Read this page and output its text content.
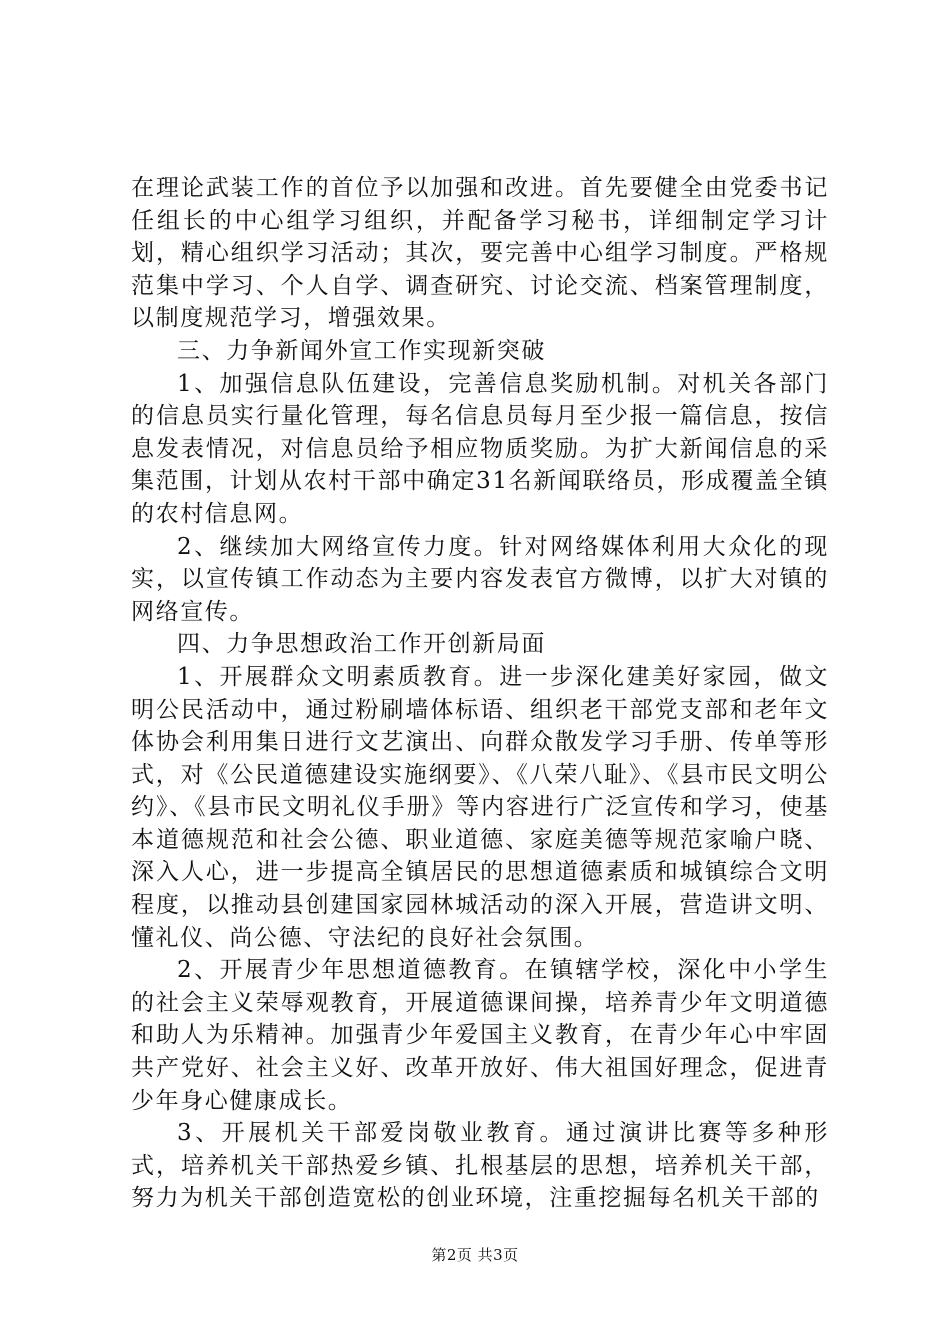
在理论武装工作的首位予以加强和改进。首先要健全由党委书记任组长的中心组学习组织，并配备学习秘书，详细制定学习计划，精心组织学习活动；其次，要完善中心组学习制度。严格规范集中学习、个人自学、调查研究、讨论交流、档案管理制度，以制度规范学习，增强效果。

三、力争新闻外宣工作实现新突破

1、加强信息队伍建设，完善信息奖励机制。对机关各部门的信息员实行量化管理，每名信息员每月至少报一篇信息，按信息发表情况，对信息员给予相应物质奖励。为扩大新闻信息的采集范围，计划从农村干部中确定31名新闻联络员，形成覆盖全镇的农村信息网。

2、继续加大网络宣传力度。针对网络媒体利用大众化的现实，以宣传镇工作动态为主要内容发表官方微博，以扩大对镇的网络宣传。

四、力争思想政治工作开创新局面

1、开展群众文明素质教育。进一步深化建美好家园，做文明公民活动中，通过粉刷墙体标语、组织老干部党支部和老年文体协会利用集日进行文艺演出、向群众散发学习手册、传单等形式，对《公民道德建设实施纲要》、《八荣八耻》、《县市民文明公约》、《县市民文明礼仪手册》等内容进行广泛宣传和学习，使基本道德规范和社会公德、职业道德、家庭美德等规范家喻户晓、深入人心，进一步提高全镇居民的思想道德素质和城镇综合文明程度，以推动县创建国家园林城活动的深入开展，营造讲文明、懂礼仪、尚公德、守法纪的良好社会氛围。

2、开展青少年思想道德教育。在镇辖学校，深化中小学生的社会主义荣辱观教育，开展道德课间操，培养青少年文明道德和助人为乐精神。加强青少年爱国主义教育，在青少年心中牢固共产党好、社会主义好、改革开放好、伟大祖国好理念，促进青少年身心健康成长。

3、开展机关干部爱岗敬业教育。通过演讲比赛等多种形式，培养机关干部热爱乡镇、扎根基层的思想，培养机关干部，努力为机关干部创造宽松的创业环境，注重挖掘每名机关干部的

第2页 共3页
